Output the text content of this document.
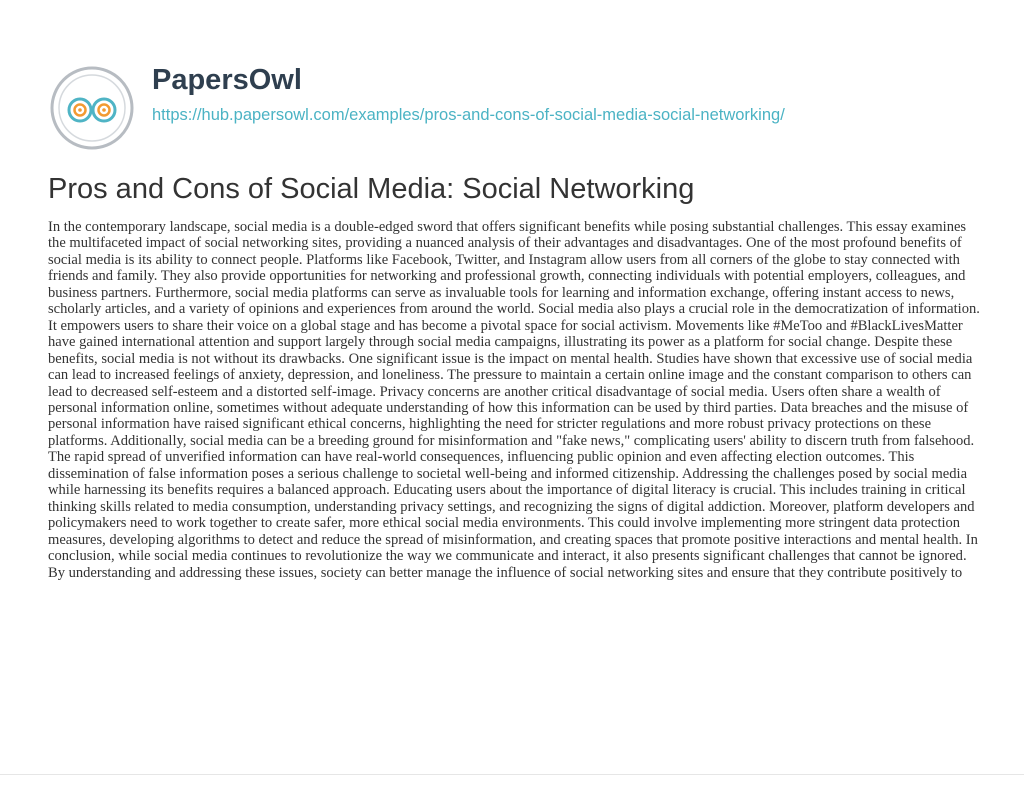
PapersOwl
https://hub.papersowl.com/examples/pros-and-cons-of-social-media-social-networking/
Pros and Cons of Social Media: Social Networking

In the contemporary landscape, social media is a double-edged sword that offers significant benefits while posing substantial challenges. This essay examines the multifaceted impact of social networking sites, providing a nuanced analysis of their advantages and disadvantages. One of the most profound benefits of social media is its ability to connect people. Platforms like Facebook, Twitter, and Instagram allow users from all corners of the globe to stay connected with friends and family. They also provide opportunities for networking and professional growth, connecting individuals with potential employers, colleagues, and business partners. Furthermore, social media platforms can serve as invaluable tools for learning and information exchange, offering instant access to news, scholarly articles, and a variety of opinions and experiences from around the world. Social media also plays a crucial role in the democratization of information. It empowers users to share their voice on a global stage and has become a pivotal space for social activism. Movements like #MeToo and #BlackLivesMatter have gained international attention and support largely through social media campaigns, illustrating its power as a platform for social change. Despite these benefits, social media is not without its drawbacks. One significant issue is the impact on mental health. Studies have shown that excessive use of social media can lead to increased feelings of anxiety, depression, and loneliness. The pressure to maintain a certain online image and the constant comparison to others can lead to decreased self-esteem and a distorted self-image. Privacy concerns are another critical disadvantage of social media. Users often share a wealth of personal information online, sometimes without adequate understanding of how this information can be used by third parties. Data breaches and the misuse of personal information have raised significant ethical concerns, highlighting the need for stricter regulations and more robust privacy protections on these platforms. Additionally, social media can be a breeding ground for misinformation and "fake news," complicating users' ability to discern truth from falsehood. The rapid spread of unverified information can have real-world consequences, influencing public opinion and even affecting election outcomes. This dissemination of false information poses a serious challenge to societal well-being and informed citizenship. Addressing the challenges posed by social media while harnessing its benefits requires a balanced approach. Educating users about the importance of digital literacy is crucial. This includes training in critical thinking skills related to media consumption, understanding privacy settings, and recognizing the signs of digital addiction. Moreover, platform developers and policymakers need to work together to create safer, more ethical social media environments. This could involve implementing more stringent data protection measures, developing algorithms to detect and reduce the spread of misinformation, and creating spaces that promote positive interactions and mental health. In conclusion, while social media continues to revolutionize the way we communicate and interact, it also presents significant challenges that cannot be ignored. By understanding and addressing these issues, society can better manage the influence of social networking sites and ensure that they contribute positively to
